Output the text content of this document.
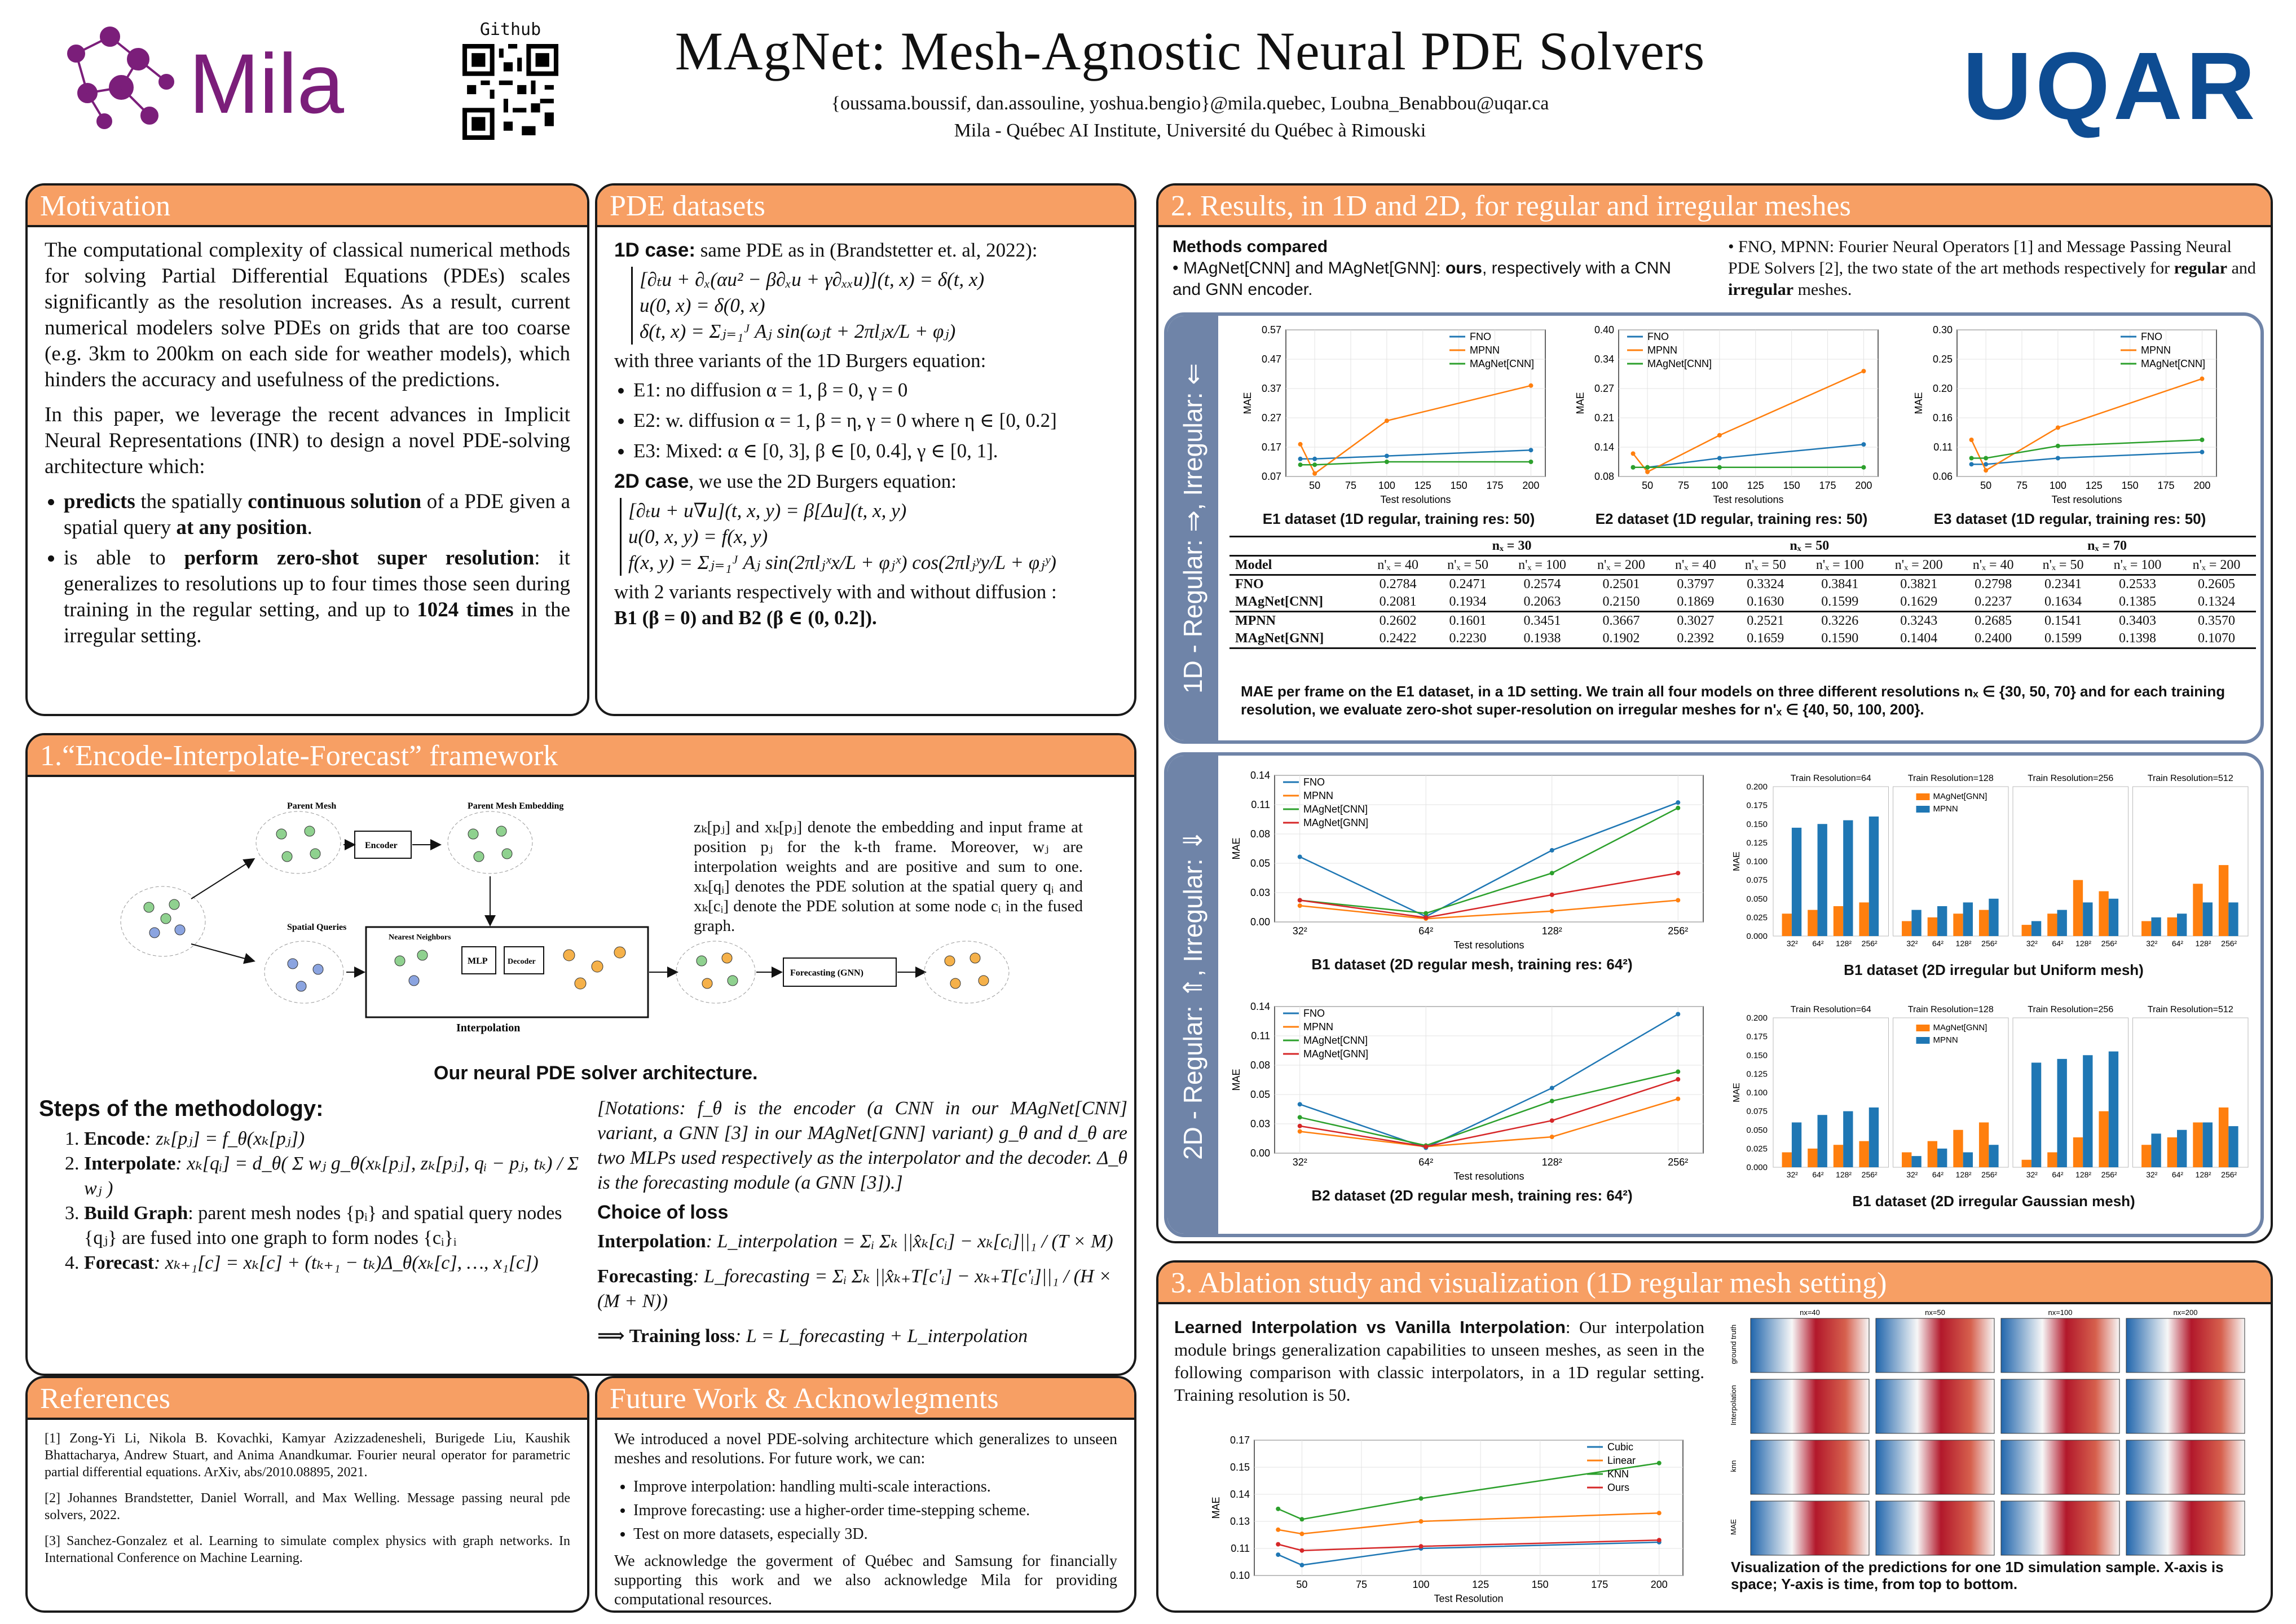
Mila
Github	MAgNet: Mesh-Agnostic Neural PDE Solvers
{oussama.boussif, dan.assouline, yoshua.bengio}@mila.quebec, Loubna_Benabbou@uqar.ca
Mila - Québec AI Institute, Université du Québec à Rimouski	UQAR
Motivation

The computational complexity of classical numerical methods for solving Partial Differential Equations (PDEs) scales significantly as the resolution increases. As a result, current numerical modelers solve PDEs on grids that are too coarse (e.g. 3km to 200km on each side for weather models), which hinders the accuracy and usefulness of the predictions.

In this paper, we leverage the recent advances in Implicit Neural Representations (INR) to design a novel PDE-solving architecture which:

• predicts the spatially continuous solution of a PDE given a spatial query at any position.
• is able to perform zero-shot super resolution: it generalizes to resolutions up to four times those seen during training in the regular setting, and up to 1024 times in the irregular setting.
PDE datasets
1D case: same PDE as in (Brandstetter et. al, 2022):
[∂ₜu + ∂ₓ(αu² − β∂ₓu + γ∂ₓₓu)](t, x) = δ(t, x)
u(0, x) = δ(0, x)
δ(t, x) = Σⱼ₌₁ᴶ Aⱼ sin(ωⱼt + 2πlⱼx/L + φⱼ)
with three variants of the 1D Burgers equation:
• E1: no diffusion α = 1, β = 0, γ = 0
• E2: w. diffusion α = 1, β = η, γ = 0 where η ∈ [0, 0.2]
• E3: Mixed: α ∈ [0, 3], β ∈ [0, 0.4], γ ∈ [0, 1].
2D case, we use the 2D Burgers equation:
[∂ₜu + u∇u](t, x, y) = β[Δu](t, x, y)
u(0, x, y) = f(x, y)
f(x, y) = Σⱼ₌₁ᴶ Aⱼ sin(2πlⱼˣx/L + φⱼˣ) cos(2πlⱼʸy/L + φⱼʸ)
with 2 variants respectively with and without diffusion :
B1 (β = 0) and B2 (β ∈ (0, 0.2]).
1.“Encode-Interpolate-Forecast” framework
Parent Mesh	Parent Mesh Embedding
Encoder
Spatial Queries
Nearest Neighbors
MLP	Decoder
Interpolation
Forecasting (GNN)
Our neural PDE solver architecture.
Steps of the methodology:
1. Encode: zₖ[pⱼ] = f_θ(xₖ[pⱼ])
2. Interpolate: xₖ[qᵢ] = d_θ( Σ wⱼ g_θ(xₖ[pⱼ], zₖ[pⱼ], qᵢ − pⱼ, tₖ) / Σ wⱼ )
3. Build Graph: parent mesh nodes {pᵢ} and spatial query nodes {qⱼ} are fused into one graph to form nodes {cᵢ}ᵢ
4. Forecast: xₖ₊₁[c] = xₖ[c] + (tₖ₊₁ − tₖ)Δ_θ(xₖ[c], …, x₁[c])

[Notations: f_θ is the encoder (a CNN in our MAgNet[CNN] variant, a GNN [3] in our MAgNet[GNN] variant) g_θ and d_θ are two MLPs used respectively as the interpolator and the decoder. Δ_θ is the forecasting module (a GNN [3]).]

Choice of loss
Interpolation: L_interpolation = Σᵢ Σₖ ||x̂ₖ[cᵢ] − xₖ[cᵢ]||₁ / (T × M)
Forecasting: L_forecasting = Σᵢ Σₖ ||x̂ₖ₊T[c'ᵢ] − xₖ₊T[c'ᵢ]||₁ / (H × (M + N))
⟹ Training loss: L = L_forecasting + L_interpolation
zₖ[pⱼ] and xₖ[pⱼ] denote the embedding and input frame at position pⱼ for the k-th frame. Moreover, wⱼ are interpolation weights and are positive and sum to one. xₖ[qᵢ] denotes the PDE solution at the spatial query qᵢ and xₖ[cᵢ] denote the PDE solution at some node cᵢ in the fused graph.
References

[1] Zong-Yi Li, Nikola B. Kovachki, Kamyar Azizzadenesheli, Burigede Liu, Kaushik Bhattacharya, Andrew Stuart, and Anima Anandkumar. Fourier neural operator for parametric partial differential equations. ArXiv, abs/2010.08895, 2021.

[2] Johannes Brandstetter, Daniel Worrall, and Max Welling. Message passing neural pde solvers, 2022.

[3] Sanchez-Gonzalez et al. Learning to simulate complex physics with graph networks. In International Conference on Machine Learning.

Future Work & Acknowlegments

We introduced a novel PDE-solving architecture which generalizes to unseen meshes and resolutions. For future work, we can:

• Improve interpolation: handling multi-scale interactions.
• Improve forecasting: use a higher-order time-stepping scheme.
• Test on more datasets, especially 3D.

We acknowledge the goverment of Québec and Samsung for financially supporting this work and we also acknowledge Mila for providing computational resources.

2. Results, in 1D and 2D, for regular and irregular meshes
Methods compared
• MAgNet[CNN] and MAgNet[GNN]: ours, respectively with a CNN and GNN encoder.
• FNO, MPNN: Fourier Neural Operators [1] and Message Passing Neural PDE Solvers [2], the two state of the art methods respectively for regular and irregular meshes.
1D - Regular: ⇒, Irregular: ⇐	0.07
0.17
0.27
0.37
0.47
0.57
50 75 100 125 150 175 200
Test resolutions
MAE
FNO
MPNN
MAgNet[CNN]
0.08
0.14
0.21
0.27
0.34
0.40
50 75 100 125 150 175 200
Test resolutions
MAE
FNO
MPNN
MAgNet[CNN]
0.06
0.11
0.16
0.20
0.25
0.30
50 75 100 125 150 175 200
Test resolutions
MAE
FNO
MPNN
MAgNet[CNN]
E1 dataset (1D regular, training res: 50)	E2 dataset (1D regular, training res: 50)	E3 dataset (1D regular, training res: 50)
	nₓ = 30				nₓ = 50				nₓ = 70			
Model	n'ₓ = 40	n'ₓ = 50	n'ₓ = 100	n'ₓ = 200	n'ₓ = 40	n'ₓ = 50	n'ₓ = 100	n'ₓ = 200	n'ₓ = 40	n'ₓ = 50	n'ₓ = 100	n'ₓ = 200
FNO	0.2784	0.2471	0.2574	0.2501	0.3797	0.3324	0.3841	0.3821	0.2798	0.2341	0.2533	0.2605
MAgNet[CNN]	0.2081	0.1934	0.2063	0.2150	0.1869	0.1630	0.1599	0.1629	0.2237	0.1634	0.1385	0.1324
MPNN	0.2602	0.1601	0.3451	0.3667	0.3027	0.2521	0.3226	0.3243	0.2685	0.1541	0.3403	0.3570
MAgNet[GNN]	0.2422	0.2230	0.1938	0.1902	0.2392	0.1659	0.1590	0.1404	0.2400	0.1599	0.1398	0.1070

MAE per frame on the E1 dataset, in a 1D setting. We train all four models on three different resolutions nₓ ∈ {30, 50, 70} and for each training resolution, we evaluate zero-shot super-resolution on irregular meshes for n'ₓ ∈ {40, 50, 100, 200}.
2D - Regular: ⇑, Irregular: ⇓	0.00
0.03
0.05
0.08
0.11
0.14
32²	64²	128²	256²
Test resolutions
MAE
FNO
MPNN
MAgNet[CNN]
MAgNet[GNN]
B1 dataset (2D regular mesh, training res: 64²)
0.00
0.03
0.05
0.08
0.11
0.14
32²	64²	128²	256²
Test resolutions
MAE
FNO
MPNN
MAgNet[CNN]
MAgNet[GNN]
B2 dataset (2D regular mesh, training res: 64²)
0.000
0.025
0.050
0.075
0.100
0.125
0.150
0.175
0.200
MAE
Train Resolution=64
32² 64² 128² 256²
Train Resolution=128
32² 64² 128² 256²
Train Resolution=256
32² 64² 128² 256²
Train Resolution=512
32² 64² 128² 256²
MAgNet[GNN]
MPNN
B1 dataset (2D irregular but Uniform mesh)
0.000
0.025
0.050
0.075
0.100
0.125
0.150
0.175
0.200
MAE
Train Resolution=64
32² 64² 128² 256²
Train Resolution=128
32² 64² 128² 256²
Train Resolution=256
32² 64² 128² 256²
Train Resolution=512
32² 64² 128² 256²
MAgNet[GNN]
MPNN
B1 dataset (2D irregular Gaussian mesh)
3. Ablation study and visualization (1D regular mesh setting)
Learned Interpolation vs Vanilla Interpolation: Our interpolation module brings generalization capabilities to unseen meshes, as seen in the following comparison with classic interpolators, in a 1D regular setting. Training resolution is 50.
0.10
0.11
0.13
0.14
0.15
0.17
50	75	100	125	150	175	200
Test Resolution
MAE
Cubic
Linear
KNN
Ours
ground truth
nx=40	nx=50	nx=100	nx=200
Interpolation
knn
MAE
Visualization of the predictions for one 1D simulation sample. X-axis is space; Y-axis is time, from top to bottom.
